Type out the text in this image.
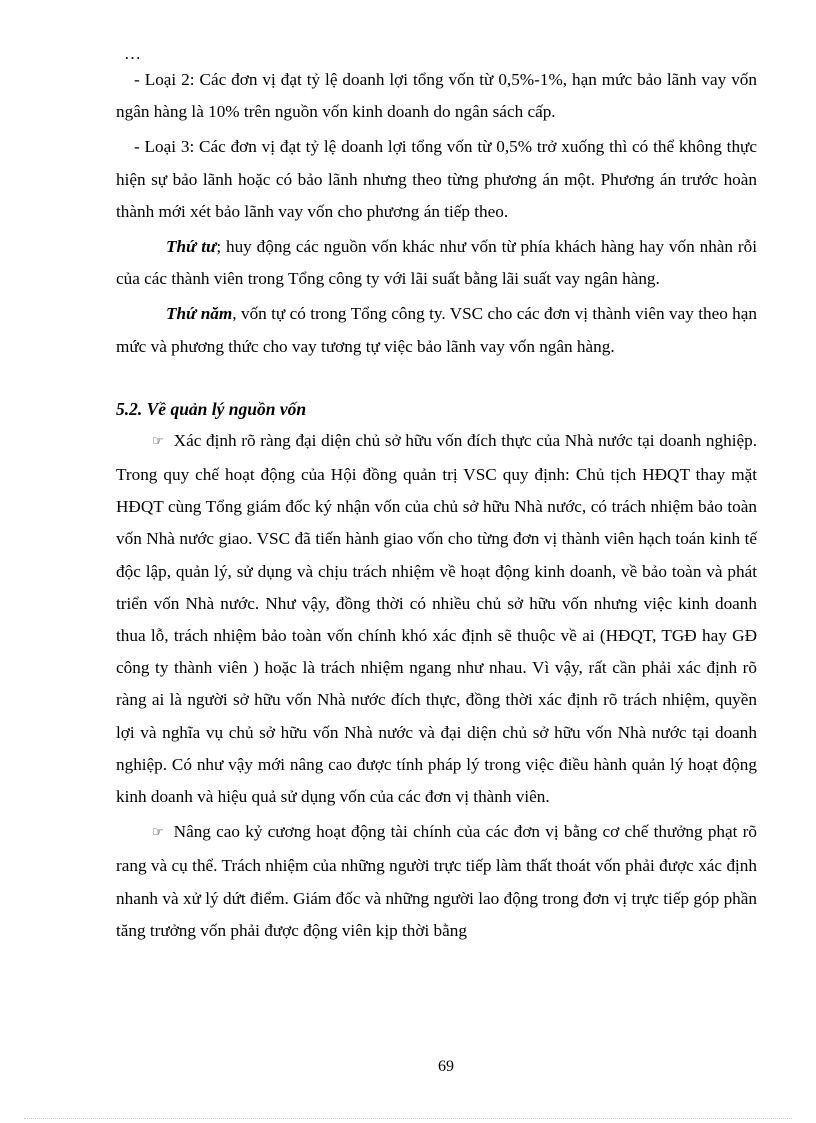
…

- Loại 2: Các đơn vị đạt tỷ lệ doanh lợi tổng vốn từ 0,5%-1%, hạn mức bảo lãnh vay vốn ngân hàng là 10% trên nguồn vốn kinh doanh do ngân sách cấp.

- Loại 3: Các đơn vị đạt tỷ lệ doanh lợi tổng vốn từ 0,5% trở xuống thì có thể không thực hiện sự bảo lãnh hoặc có bảo lãnh nhưng theo từng phương án một. Phương án trước hoàn thành mới xét bảo lãnh vay vốn cho phương án tiếp theo.

Thứ tư; huy động các nguồn vốn khác như vốn từ phía khách hàng hay vốn nhàn rỗi của các thành viên trong Tổng công ty với lãi suất bằng lãi suất vay ngân hàng.

Thứ năm, vốn tự có trong Tổng công ty. VSC cho các đơn vị thành viên vay theo hạn mức và phương thức cho vay tương tự việc bảo lãnh vay vốn ngân hàng.

5.2. Về quản lý nguồn vốn

☞ Xác định rõ ràng đại diện chủ sở hữu vốn đích thực của Nhà nước tại doanh nghiệp. Trong quy chế hoạt động của Hội đồng quản trị VSC quy định: Chủ tịch HĐQT thay mặt HĐQT cùng Tổng giám đốc ký nhận vốn của chủ sở hữu Nhà nước, có trách nhiệm bảo toàn vốn Nhà nước giao. VSC đã tiến hành giao vốn cho từng đơn vị thành viên hạch toán kinh tế độc lập, quản lý, sử dụng và chịu trách nhiệm về hoạt động kinh doanh, về bảo toàn và phát triển vốn Nhà nước. Như vậy, đồng thời có nhiều chủ sở hữu vốn nhưng việc kinh doanh thua lỗ, trách nhiệm bảo toàn vốn chính khó xác định sẽ thuộc về ai (HĐQT, TGĐ hay GĐ công ty thành viên ) hoặc là trách nhiệm ngang như nhau. Vì vậy, rất cần phải xác định rõ ràng ai là người sở hữu vốn Nhà nước đích thực, đồng thời xác định rõ trách nhiệm, quyền lợi và nghĩa vụ chủ sở hữu vốn Nhà nước và đại diện chủ sở hữu vốn Nhà nước tại doanh nghiệp. Có như vậy mới nâng cao được tính pháp lý trong việc điều hành quản lý hoạt động kinh doanh và hiệu quả sử dụng vốn của các đơn vị thành viên.

☞ Nâng cao kỷ cương hoạt động tài chính của các đơn vị bằng cơ chế thưởng phạt rõ rang và cụ thể. Trách nhiệm của những người trực tiếp làm thất thoát vốn phải được xác định nhanh và xử lý dứt điểm. Giám đốc và những người lao động trong đơn vị trực tiếp góp phần tăng trưởng vốn phải được động viên kịp thời bằng

69
